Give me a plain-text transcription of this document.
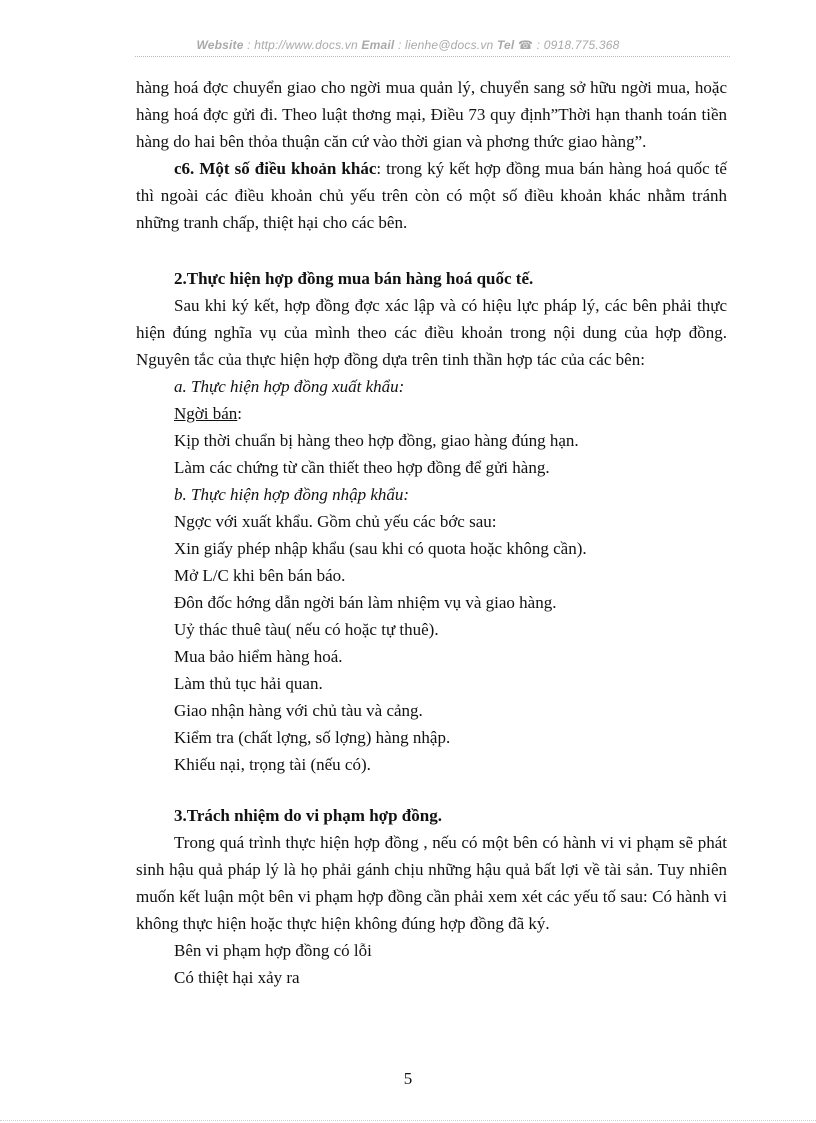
Website : http://www.docs.vn Email : lienhe@docs.vn Tel ☎ : 0918.775.368

hàng hoá đợc chuyển giao cho ngời mua quản lý, chuyển sang sở hữu ngời mua, hoặc hàng hoá đợc gửi đi. Theo luật thơng mại, Điều 73 quy định”Thời hạn thanh toán tiền hàng do hai bên thỏa thuận căn cứ vào thời gian và phơng thức giao hàng”.

c6. Một số điều khoản khác: trong ký kết hợp đồng mua bán hàng hoá quốc tế thì ngoài các điều khoản chủ yếu trên còn có một số điều khoản khác nhằm tránh những tranh chấp, thiệt hại cho các bên.

2.Thực hiện hợp đồng mua bán hàng hoá quốc tế.

Sau khi ký kết, hợp đồng đợc xác lập và có hiệu lực pháp lý, các bên phải thực hiện đúng nghĩa vụ của mình theo các điều khoản trong nội dung của hợp đồng. Nguyên tắc của thực hiện hợp đồng dựa trên tinh thần hợp tác của các bên:

a. Thực hiện hợp đồng xuất khẩu:

Ngời bán:

Kịp thời chuẩn bị hàng theo hợp đồng, giao hàng đúng hạn.

Làm các chứng từ cần thiết theo hợp đồng để gửi hàng.

b. Thực hiện hợp đồng nhập khẩu:

Ngợc với xuất khẩu. Gồm chủ yếu các bớc sau:

Xin giấy phép nhập khẩu (sau khi có quota hoặc không cần).

Mở L/C khi bên bán báo.

Đôn đốc hớng dẫn ngời bán làm nhiệm vụ và giao hàng.

Uỷ thác thuê tàu( nếu có hoặc tự thuê).

Mua bảo hiểm hàng hoá.

Làm thủ tục hải quan.

Giao nhận hàng với chủ tàu và cảng.

Kiểm tra (chất lợng, số lợng) hàng nhập.

Khiếu nại, trọng tài (nếu có).

3.Trách nhiệm do vi phạm hợp đồng.

Trong quá trình thực hiện hợp đồng , nếu có một bên có hành vi vi phạm sẽ phát sinh hậu quả pháp lý là họ phải gánh chịu những hậu quả bất lợi về tài sản. Tuy nhiên muốn kết luận một bên vi phạm hợp đồng cần phải xem xét các yếu tố sau: Có hành vi không thực hiện hoặc thực hiện không đúng hợp đồng đã ký.

Bên vi phạm hợp đồng có lỗi

Có thiệt hại xảy ra

5
